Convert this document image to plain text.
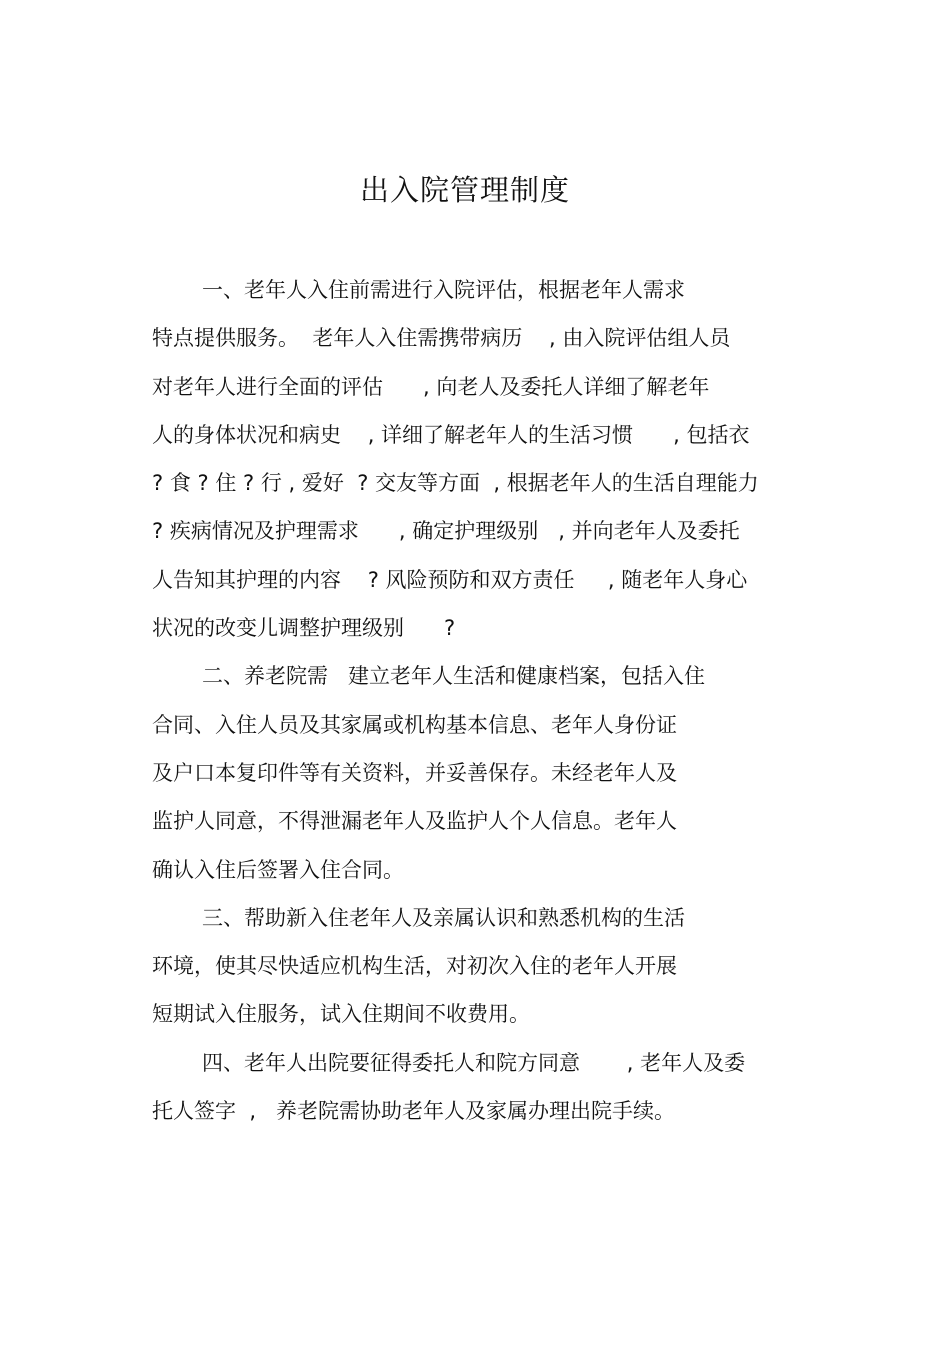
出入院管理制度
一、老年人入住前需进行入院评估，根据老年人需求
特点提供服务。  老年人入住需携带病历    , 由入院评估组人员
对老年人进行全面的评估      , 向老人及委托人详细了解老年
人的身体状况和病史    , 详细了解老年人的生活习惯      , 包括衣
? 食 ? 住 ? 行 , 爱好  ? 交友等方面  , 根据老年人的生活自理能力
? 疾病情况及护理需求      , 确定护理级别   , 并向老年人及委托
人告知其护理的内容    ? 风险预防和双方责任     , 随老年人身心
状况的改变儿调整护理级别      ?
二、养老院需   建立老年人生活和健康档案，包括入住
合同、入住人员及其家属或机构基本信息、老年人身份证
及户口本复印件等有关资料，并妥善保存。未经老年人及
监护人同意，不得泄漏老年人及监护人个人信息。老年人
确认入住后签署入住合同。
三、帮助新入住老年人及亲属认识和熟悉机构的生活
环境，使其尽快适应机构生活，对初次入住的老年人开展
短期试入住服务，试入住期间不收费用。
四、老年人出院要征得委托人和院方同意       , 老年人及委
托人签字  ,   养老院需协助老年人及家属办理出院手续。
